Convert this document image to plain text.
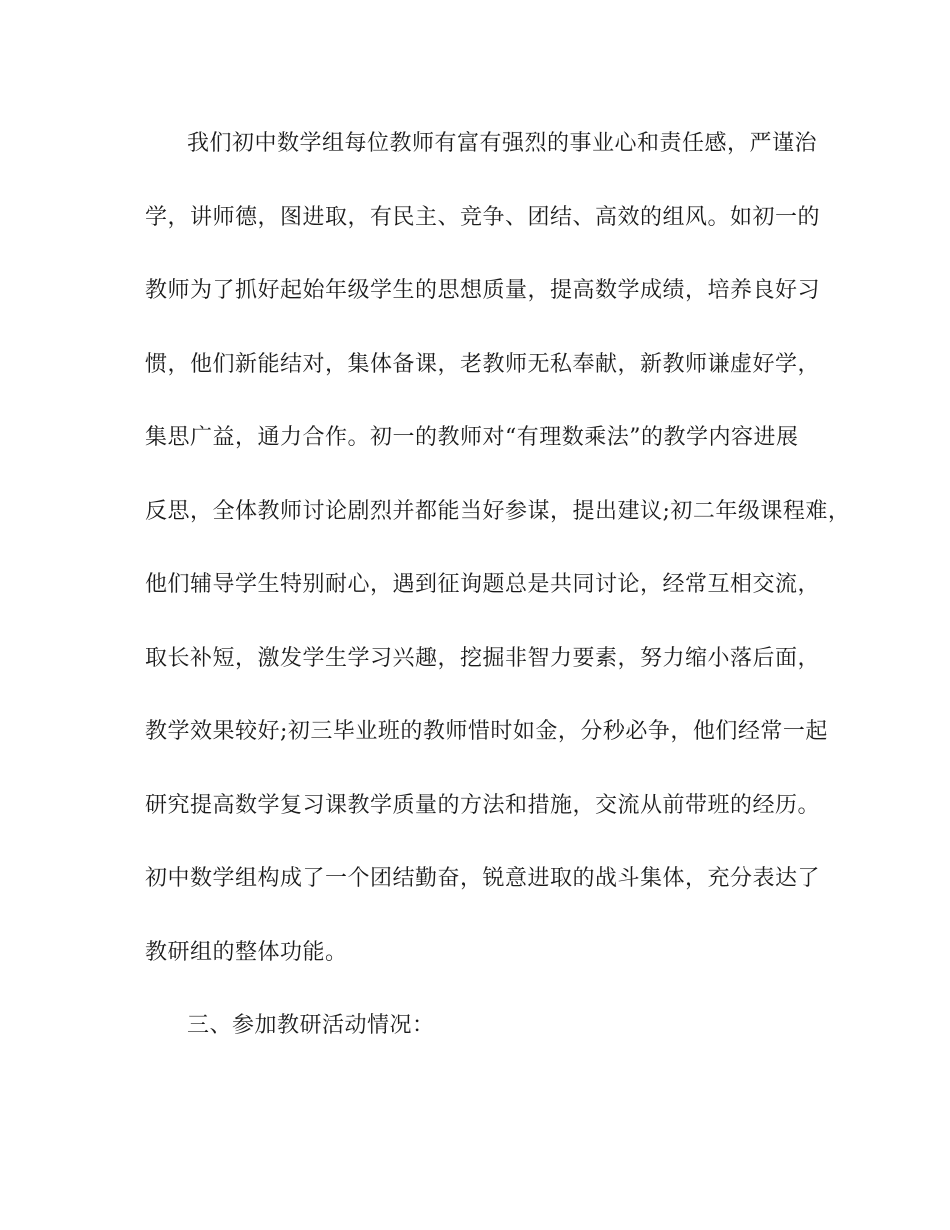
我们初中数学组每位教师有富有强烈的事业心和责任感，严谨治
学，讲师德，图进取，有民主、竞争、团结、高效的组风。如初一的
教师为了抓好起始年级学生的思想质量，提高数学成绩，培养良好习
惯，他们新能结对，集体备课，老教师无私奉献，新教师谦虚好学，
集思广益，通力合作。初一的教师对“有理数乘法”的教学内容进展
反思，全体教师讨论剧烈并都能当好参谋，提出建议;初二年级课程难，
他们辅导学生特别耐心，遇到征询题总是共同讨论，经常互相交流，
取长补短，激发学生学习兴趣，挖掘非智力要素，努力缩小落后面，
教学效果较好;初三毕业班的教师惜时如金，分秒必争，他们经常一起
研究提高数学复习课教学质量的方法和措施，交流从前带班的经历。
初中数学组构成了一个团结勤奋，锐意进取的战斗集体，充分表达了
教研组的整体功能。
三、参加教研活动情况：
